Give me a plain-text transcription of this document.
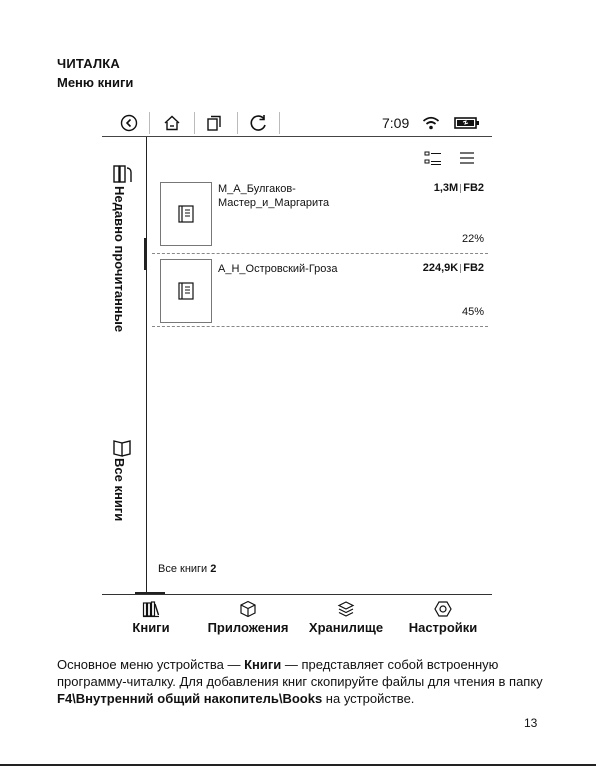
ЧИТАЛКА
Меню книги
7:09
Недавно прочитанные
Все книги
М_А_Булгаков-
Мастер_и_Маргарита
1,3M FB2
22%
А_Н_Островский-Гроза	224,9K FB2
45%
Все книги 2
Книги	Приложения	Хранилище	Настройки
Основное меню устройства — Книги — представляет собой встроенную программу-читалку. Для добавления книг скопируйте файлы для чтения в папку F4\Внутренний общий накопитель\Books на устройстве.
13
